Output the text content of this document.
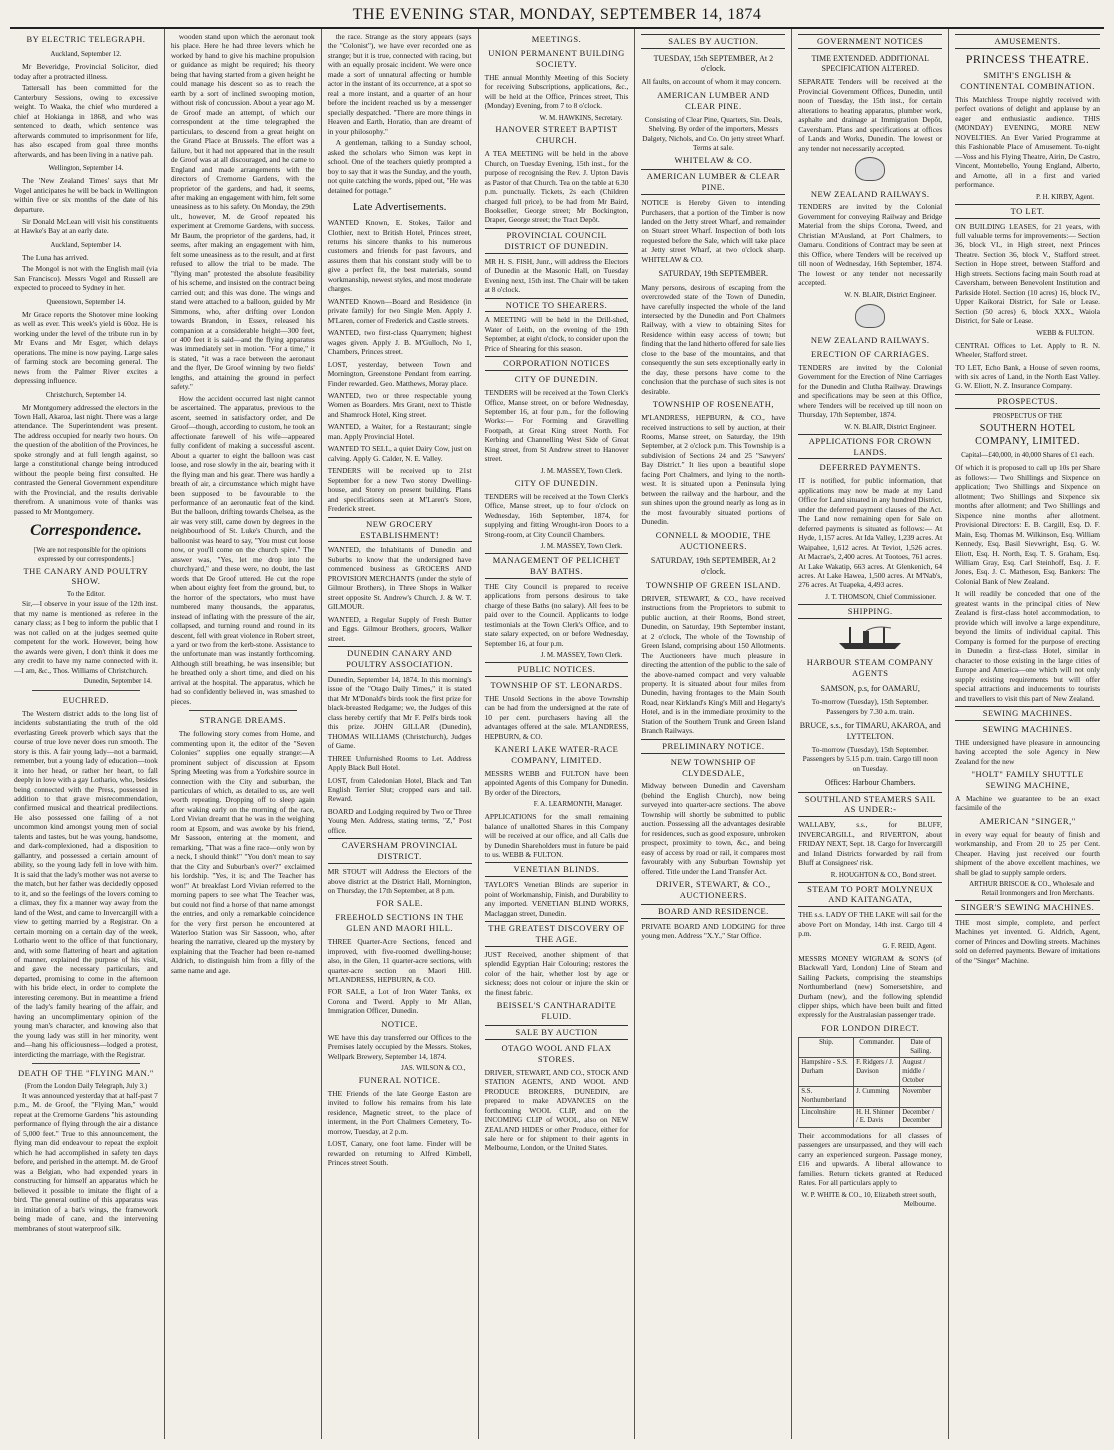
THE EVENING STAR, MONDAY, SEPTEMBER 14, 1874
BY ELECTRIC TELEGRAPH.
Auckland, September 12.

Mr Beveridge, Provincial Solicitor, died today after a protracted illness.

Tattersall has been committed for the Canterbury Sessions, owing to excessive weight. To Waaka, the chief who murdered a chief at Hokianga in 1868, and who was sentenced to death, which sentence was afterwards commuted to imprisonment for life, has also escaped from goal three months afterwards, and has been living in a native pah.

Wellington, September 14.

The 'New Zealand Times' says that Mr Vogel anticipates he will be back in Wellington within five or six months of the date of his departure.

Sir Donald McLean will visit his constituents at Hawke's Bay at an early date.

Auckland, September 14.

The Luna has arrived.

The Mongol is not with the English mail (via San Francisco). Messrs Vogel and Russell are expected to proceed to Sydney in her.

Queenstown, September 14.

Mr Grace reports the Shotover mine looking as well as ever. This week's yield is 60oz. He is working under the level of the tribute run in by Mr Evans and Mr Esger, which delays operations. The mine is now paying. Large sales of farming stock are becoming general. The news from the Palmer River excites a depressing influence.

Christchurch, September 14.

Mr Montgomery addressed the electors in the Town Hall, Akaroa, last night. There was a large attendance. The Superintendent was present. The address occupied for nearly two hours. On the question of the abolition of the Provinces, he spoke strongly and at full length against, so large a constitutional change being introduced without the people being first consulted. He contrasted the General Government expenditure with the Provincial, and the results derivable therefrom. A unanimous vote of thanks was passed to Mr Montgomery.

Correspondence.

[We are not responsible for the opinions expressed by our correspondents.]

THE CANARY AND POULTRY SHOW.
To the Editor.

Sir,—I observe in your issue of the 12th inst. that my name is mentioned as referee in the canary class; as I beg to inform the public that I was not called on at the judges seemed quite competent for the work. However, being how the awards were given, I don't think it does me any credit to have my name connected with it.—I am, &c., Thos. Williams of Christchurch.

Dunedin, September 14.
EUCHRED.

The Western district adds to the long list of incidents substantiating the truth of the old everlasting Greek proverb which says that the course of true love never does run smooth. The story is this. A fair young lady—not a barmaid, remember, but a young lady of education—took it into her head, or rather her heart, to fall deeply in love with a gay Lothario, who, besides being connected with the Press, possessed in addition to that grave misrecommendation, confirmed musical and theatrical predilections. He also possessed one failing of a not uncommon kind amongst young men of social talents and tastes, but he was young, handsome, and dark-complexioned, had a disposition to gallantry, and possessed a certain amount of ability, so the young lady fell in love with him. It is said that the lady's mother was not averse to the match, but her father was decidedly opposed to it, and so the feelings of the lovers coming to a climax, they fix a manner way away from the land of the West, and came to Invercargill with a view to getting married by a Registrar. On a certain morning on a certain day of the week, Lothario went to the office of that functionary, and, with some flattering of heart and agitation of manner, explained the purpose of his visit, and gave the necessary particulars, and departed, promising to come in the afternoon with his bride elect, in order to complete the interesting ceremony. But in meantime a friend of the lady's family hearing of the affair, and having an uncomplimentary opinion of the young man's character, and knowing also that the young lady was still in her minority, went and—hang his officiousness—lodged a protest, interdicting the marriage, with the Registrar.

DEATH OF THE "FLYING MAN."
(From the London Daily Telegraph, July 3.)

It was announced yesterday that at half-past 7 p.m., M. de Groof, the "Flying Man," would repeat at the Cremorne Gardens "his astounding performance of flying through the air a distance of 5,000 feet." True to this announcement, the flying man did endeavour to repeat the exploit which he had accomplished in safety ten days before, and perished in the attempt. M. de Groof was a Belgian, who had expended years in constructing for himself an apparatus which he believed it possible to imitate the flight of a bird. The general outline of this apparatus was in imitation of a bat's wings, the framework being made of cane, and the intervening membranes of stout waterproof silk.

wooden stand upon which the aeronaut took his place. Here he had three levers which he worked by hand to give his machine propulsion or guidance as might be required; his theory being that having started from a given height he could manage his descent so as to reach the earth by a sort of inclined swooping motion, without risk of concussion. About a year ago M. de Groof made an attempt, of which our correspondent at the time telegraphed the particulars, to descend from a great height on the Grand Place at Brussels. The effort was a failure, but it had not appeared that in the result de Groof was at all discouraged, and he came to England and made arrangements with the directors of Cremorne Gardens, with the proprietor of the gardens, and had, it seems, after making an engagement with him, felt some uneasiness as to his safety. On Monday, the 29th ult., however, M. de Groof repeated his experiment at Cremorne Gardens, with success. Mr Baum, the proprietor of the gardens, had, it seems, after making an engagement with him, felt some uneasiness as to the result, and at first refused to allow the trial to be made. The "flying man" protested the absolute feasibility of his scheme, and insisted on the contract being carried out; and this was done. The wings and stand were attached to a balloon, guided by Mr Simmons, who, after drifting over London towards Brandon, in Essex, released his companion at a considerable height—300 feet, or 400 feet it is said—and the flying apparatus was immediately set in motion. "For a time," it is stated, "it was a race between the aeronaut and the flyer, De Groof winning by two fields' lengths, and attaining the ground in perfect safety."

How the accident occurred last night cannot be ascertained. The apparatus, previous to the ascent, seemed in satisfactory order, and De Groof—though, according to custom, he took an affectionate farewell of his wife—appeared fully confident of making a successful ascent. About a quarter to eight the balloon was cast loose, and rose slowly in the air, bearing with it the flying man and his gear. There was hardly a breath of air, a circumstance which might have been supposed to be favourable to the performance of an aeronautic feat of the kind. But the balloon, drifting towards Chelsea, as the air was very still, came down by degrees in the neighbourhood of St. Luke's Church, and the balloonist was heard to say, "You must cut loose now, or you'll come on the church spire." The answer was, "Yes, let me drop into the churchyard," and these were, no doubt, the last words that De Groof uttered. He cut the rope when about eighty feet from the ground, but, to the horror of the spectators, who must have numbered many thousands, the apparatus, instead of inflating with the pressure of the air, collapsed, and turning round and round in its descent, fell with great violence in Robert street, a yard or two from the kerb-stone. Assistance to the unfortunate man was instantly forthcoming. Although still breathing, he was insensible; but he breathed only a short time, and died on his arrival at the hospital. The apparatus, which he had so confidently believed in, was smashed to pieces.

STRANGE DREAMS.

The following story comes from Home, and commenting upon it, the editor of the "Seven Colonies" supplies one equally strange:—A prominent subject of discussion at Epsom Spring Meeting was from a Yorkshire source in connection with the City and suburban, the particulars of which, as detailed to us, are well worth repeating. Dropping off to sleep again after waking early on the morning of the race, Lord Vivian dreamt that he was in the weighing room at Epsom, and was awoke by his friend, Mr Sassoon, entering at the moment, and remarking, "That was a fine race—only won by a neck, I should think!" "You don't mean to say that the City and Suburban's over?" exclaimed his lordship. "Yes, it is; and The Teacher has won!" At breakfast Lord Vivian referred to the morning papers to see what The Teacher was, but could not find a horse of that name amongst the entries, and only a remarkable coincidence for the very first person he encountered at Waterloo Station was Sir Sassoon, who, after hearing the narrative, cleared up the mystery by explaining that the Teacher had been re-named Aldrich, to distinguish him from a filly of the same name and age.

the race. Strange as the story appears (says the "Colonist"), we have ever recorded one as strange; but it is true, connected with racing, but with an equally prosaic incident. We were once made a sort of unnatural affecting or humble actor in the instant of its occurrence, at a spot so real a more instant, and a quarter of an hour before the incident reached us by a messenger specially despatched. "There are more things in Heaven and Earth, Horatio, than are dreamt of in your philosophy."

A gentleman, talking to a Sunday school, asked the scholars who Simon was kept in school. One of the teachers quietly prompted a boy to say that it was the Sunday, and the youth, not quite catching the words, piped out, "He was detained for pottage."

Late Advertisements.

WANTED Known, E. Stokes, Tailor and Clothier, next to British Hotel, Princes street, returns his sincere thanks to his numerous customers and friends for past favours, and assures them that his constant study will be to give a perfect fit, the best materials, sound workmanship, newest styles, and most moderate charges.

WANTED Known—Board and Residence (in private family) for two Single Men. Apply J. M'Laren, corner of Frederick and Castle streets.

WANTED, two first-class Quarrymen; highest wages given. Apply J. B. M'Gulloch, No 1, Chambers, Princes street.

LOST, yesterday, between Town and Mornington, Greenstone Pendant from earring. Finder rewarded. Geo. Matthews, Moray place.

WANTED, two or three respectable young Women as Boarders. Mrs Grant, next to Thistle and Shamrock Hotel, King street.

WANTED, a Waiter, for a Restaurant; single man. Apply Provincial Hotel.

WANTED TO SELL, a quiet Dairy Cow, just on calving. Apply G. Calder, N. E. Valley.

TENDERS will be received up to 21st September for a new Two storey Dwelling-house, and Storey on present building. Plans and specifications seen at M'Laren's Store, Frederick street.

NEW GROCERY ESTABLISHMENT!

WANTED, the Inhabitants of Dunedin and Suburbs to know that the undersigned have commenced business as GROCERS AND PROVISION MERCHANTS (under the style of Gilmour Brothers), in Three Shops in Walker street opposite St. Andrew's Church. J. & W. T. GILMOUR.

WANTED, a Regular Supply of Fresh Butter and Eggs. Gilmour Brothers, grocers, Walker street.

DUNEDIN CANARY AND POULTRY ASSOCIATION.

Dunedin, September 14, 1874. In this morning's issue of the "Otago Daily Times," it is stated that Mr M'Donald's birds took the first prize for black-breasted Redgame; we, the Judges of this class hereby certify that Mr F. Pell's birds took this prize. JOHN GILLAR (Dunedin), THOMAS WILLIAMS (Christchurch), Judges of Game.

THREE Unfurnished Rooms to Let. Address Apply Black Bull Hotel.

LOST, from Caledonian Hotel, Black and Tan English Terrier Slut; cropped ears and tail. Reward.

BOARD and Lodging required by Two or Three Young Men. Address, stating terms, "Z," Post office.

CAVERSHAM PROVINCIAL DISTRICT.

MR STOUT will Address the Electors of the above district at the District Hall, Mornington, on Thursday, the 17th September, at 8 p.m.

FOR SALE.
FREEHOLD SECTIONS IN THE GLEN AND MAORI HILL.

THREE Quarter-Acre Sections, fenced and improved, with five-roomed dwelling-house; also, in the Glen, 11 quarter-acre sections, with quarter-acre section on Maori Hill. M'LANDRESS, HEPBURN, & CO.

FOR SALE, a Lot of Iron Water Tanks, ex Corona and Twerd. Apply to Mr Allan, Immigration Officer, Dunedin.

NOTICE.

WE have this day transferred our Offices to the Premises lately occupied by the Messrs. Stokes, Wellpark Brewery, September 14, 1874.

JAS. WILSON & CO.,
FUNERAL NOTICE.

THE Friends of the late George Easton are invited to follow his remains from his late residence, Magnetic street, to the place of interment, in the Port Chalmers Cemetery, To-morrow, Tuesday, at 2 p.m.

LOST, Canary, one foot lame. Finder will be rewarded on returning to Alfred Kimbell, Princes street South.

MEETINGS.
UNION PERMANENT BUILDING SOCIETY.

THE annual Monthly Meeting of this Society for receiving Subscriptions, applications, &c., will be held at the Office, Princes street, This (Monday) Evening, from 7 to 8 o'clock.

W. M. HAWKINS, Secretary.
HANOVER STREET BAPTIST CHURCH.

A TEA MEETING will be held in the above Church, on Tuesday Evening, 15th inst., for the purpose of recognising the Rev. J. Upton Davis as Pastor of that Church. Tea on the table at 6.30 p.m. punctually. Tickets, 2s each (Children charged full price), to be had from Mr Baird, Bookseller, George street; Mr Bockington, Draper, George street; the Tract Depôt.

PROVINCIAL COUNCIL DISTRICT OF DUNEDIN.

MR H. S. FISH, Junr., will address the Electors of Dunedin at the Masonic Hall, on Tuesday Evening next, 15th inst. The Chair will be taken at 8 o'clock.

NOTICE TO SHEARERS.

A MEETING will be held in the Drill-shed, Water of Leith, on the evening of the 19th September, at eight o'clock, to consider upon the Price of Shearing for this season.

CORPORATION NOTICES
CITY OF DUNEDIN.

TENDERS will be received at the Town Clerk's Office, Manse street, on or before Wednesday, September 16, at four p.m., for the following Works:— For Forming and Gravelling Footpath, at Great King street North. For Kerbing and Channelling West Side of Great King street, from St Andrew street to Hanover street.

J. M. MASSEY, Town Clerk.
CITY OF DUNEDIN.

TENDERS will be received at the Town Clerk's Office, Manse street, up to four o'clock on Wednesday, 16th September, 1874, for supplying and fitting Wrought-iron Doors to a Strong-room, at City Council Chambers.

J. M. MASSEY, Town Clerk.
MANAGEMENT OF PELICHET BAY BATHS.

THE City Council is prepared to receive applications from persons desirous to take charge of these Baths (no salary). All fees to be paid over to the Council. Applicants to lodge testimonials at the Town Clerk's Office, and to state salary expected, on or before Wednesday, September 16, at four p.m.

J. M. MASSEY, Town Clerk.
PUBLIC NOTICES.
TOWNSHIP OF ST. LEONARDS.

THE Unsold Sections in the above Township can be had from the undersigned at the rate of 10 per cent. purchasers having all the advantages offered at the sale. M'LANDRESS, HEPBURN, & CO.

KANERI LAKE WATER-RACE COMPANY, LIMITED.

MESSRS WEBB and FULTON have been appointed Agents of this Company for Dunedin. By order of the Directors,

F. A. LEARMONTH, Manager.

APPLICATIONS for the small remaining balance of unallotted Shares in this Company will be received at our office, and all Calls due by Dunedin Shareholders must in future be paid to us. WEBB & FULTON.

VENETIAN BLINDS.

TAYLOR'S Venetian Blinds are superior in point of Workmanship, Finish, and Durability to any imported. VENETIAN BLIND WORKS, Maclaggan street, Dunedin.

THE GREATEST DISCOVERY OF THE AGE.

JUST Received, another shipment of that splendid Egyptian Hair Colouring; restores the color of the hair, whether lost by age or sickness; does not colour or injure the skin or the finest fabric.

BEISSEL'S CANTHARADITE FLUID.
SALE BY AUCTION
OTAGO WOOL AND FLAX STORES.

DRIVER, STEWART, AND CO., STOCK AND STATION AGENTS, AND WOOL AND PRODUCE BROKERS, DUNEDIN, are prepared to make ADVANCES on the forthcoming WOOL CLIP, and on the INCOMING CLIP of WOOL, also on NEW ZEALAND HIDES or other Produce, either for sale here or for shipment to their agents in Melbourne, London, or the United States.

SALES BY AUCTION.
TUESDAY, 15th SEPTEMBER, At 2 o'clock.

All faults, on account of whom it may concern.

AMERICAN LUMBER AND CLEAR PINE.

Consisting of Clear Pine, Quarters, Sin. Deals, Shelving. By order of the importers, Messrs Dalgety, Nichols, and Co. On jetty street Wharf. Terms at sale.

WHITELAW & CO.
AMERICAN LUMBER & CLEAR PINE.

NOTICE is Hereby Given to intending Purchasers, that a portion of the Timber is now landed on the Jetty street Wharf, and remainder on Stuart street Wharf. Inspection of both lots requested before the Sale, which will take place at Jetty street Wharf, at two o'clock sharp. WHITELAW & CO.

SATURDAY, 19th SEPTEMBER.

Many persons, desirous of escaping from the overcrowded state of the Town of Dunedin, have carefully inspected the whole of the land intersected by the Dunedin and Port Chalmers Railway, with a view to obtaining Sites for Residence within easy access of town; but finding that the land hitherto offered for sale lies close to the base of the mountains, and that consequently the sun sets exceptionally early in the day, these persons have come to the conclusion that the purchase of such sites is not desirable.

TOWNSHIP OF ROSENEATH,

M'LANDRESS, HEPBURN, & CO., have received instructions to sell by auction, at their Rooms, Manse street, on Saturday, the 19th September, at 2 o'clock p.m. This Township is a subdivision of Sections 24 and 25 "Sawyers' Bay District." It lies upon a beautiful slope facing Port Chalmers, and lying to the north-west. It is situated upon a Peninsula lying between the railway and the harbour, and the sun shines upon the ground nearly as long as in the most favourably situated portions of Dunedin.

CONNELL & MOODIE, THE AUCTIONEERS.
SATURDAY, 19th SEPTEMBER, At 2 o'clock.
TOWNSHIP OF GREEN ISLAND.

DRIVER, STEWART, & CO., have received instructions from the Proprietors to submit to public auction, at their Rooms, Bond street, Dunedin, on Saturday, 19th September instant, at 2 o'clock, The whole of the Township of Green Island, comprising about 150 Allotments. The Auctioneers have much pleasure in directing the attention of the public to the sale of the above-named compact and very valuable property. It is situated about four miles from Dunedin, having frontages to the Main South Road, near Kirkland's King's Mill and Hegarty's Hotel, and is in the immediate proximity to the Station of the Southern Trunk and Green Island Branch Railways.

PRELIMINARY NOTICE.
NEW TOWNSHIP OF CLYDESDALE,

Midway between Dunedin and Caversham (behind the English Church), now being surveyed into quarter-acre sections. The above Township will shortly be submitted to public auction. Possessing all the advantages desirable for residences, such as good exposure, unbroken prospect, proximity to town, &c., and being easy of access by road or rail, it compares most favourably with any Suburban Township yet offered. Title under the Land Transfer Act.

DRIVER, STEWART, & CO., AUCTIONEERS.
BOARD AND RESIDENCE.

PRIVATE BOARD AND LODGING for three young men. Address "X.Y.," Star Office.

GOVERNMENT NOTICES
TIME EXTENDED. ADDITIONAL SPECIFICATION ALTERED.

SEPARATE Tenders will be received at the Provincial Government Offices, Dunedin, until noon of Tuesday, the 15th inst., for certain alterations to heating apparatus, plumber work, asphalte and drainage at Immigration Depôt, Caversham. Plans and specifications at offices of Lands and Works, Dunedin. The lowest or any tender not necessarily accepted.

NEW ZEALAND RAILWAYS.

TENDERS are invited by the Colonial Government for conveying Railway and Bridge Material from the ships Corona, Tweed, and Christian M'Ausland, at Port Chalmers, to Oamaru. Conditions of Contract may be seen at this Office, where Tenders will be received up till noon of Wednesday, 16th September, 1874. The lowest or any tender not necessarily accepted.

W. N. BLAIR, District Engineer.
NEW ZEALAND RAILWAYS.
ERECTION OF CARRIAGES.

TENDERS are invited by the Colonial Government for the Erection of Nine Carriages for the Dunedin and Clutha Railway. Drawings and specifications may be seen at this Office, where Tenders will be received up till noon on Thursday, 17th September, 1874.

W. N. BLAIR, District Engineer.
APPLICATIONS FOR CROWN LANDS.
DEFERRED PAYMENTS.

IT is notified, for public information, that applications may now be made at my Land Office for Land situated in any hundred District, under the deferred payment clauses of the Act. The Land now remaining open for Sale on deferred payments is situated as follows:— At Hyde, 1,157 acres. At Ida Valley, 1,239 acres. At Waipahee, 1,612 acres. At Teviot, 1,526 acres. At Macrae's, 2,400 acres. At Tootoes, 761 acres. At Lake Wakatip, 663 acres. At Glenkenich, 64 acres. At Lake Hawea, 1,500 acres. At M'Nab's, 276 acres. At Tuapeka, 4,493 acres.

J. T. THOMSON, Chief Commissioner.
SHIPPING.
HARBOUR STEAM COMPANY AGENTS
SAMSON, p.s, for OAMARU,

To-morrow (Tuesday), 15th September. Passengers by 7.30 a.m. train.

BRUCE, s.s., for TIMARU, AKAROA, and LYTTELTON.

To-morrow (Tuesday), 15th September. Passengers by 5.15 p.m. train. Cargo till noon on Tuesday.

Offices: Harbour Chambers.
SOUTHLAND STEAMERS SAIL AS UNDER:-

WALLABY, s.s., for BLUFF, INVERCARGILL, and RIVERTON, about FRIDAY NEXT, Sept. 18. Cargo for Invercargill and Inland Districts forwarded by rail from Bluff at Consignees' risk.

R. HOUGHTON & CO., Bond street.
STEAM TO PORT MOLYNEUX AND KAITANGATA,

THE s.s. LADY OF THE LAKE will sail for the above Port on Monday, 14th inst. Cargo till 4 p.m.

G. F. REID, Agent.

MESSRS MONEY WIGRAM & SON'S (of Blackwall Yard, London) Line of Steam and Sailing Packets, comprising the steamships Northumberland (new) Somersetshire, and Durham (new), and the following splendid clipper ships, which have been built and fitted expressly for the Australasian passenger trade.

FOR LONDON DIRECT.
Ship.	Commander.	Date of Sailing.
Hampshire - S.S. Durham	F. Ridgers / J. Davison	August / middle / October
S.S. Northumberland	J. Cumming	November
Lincolnshire	H. H. Shinner / E. Davis	December / December

Their accommodations for all classes of passengers are unsurpassed, and they will each carry an experienced surgeon. Passage money, £16 and upwards. A liberal allowance to families. Return tickets granted at Reduced Rates. For all particulars apply to

W. P. WHITE & CO., 10, Elizabeth street south, Melbourne.
AMUSEMENTS.
PRINCESS THEATRE.
SMITH'S ENGLISH & CONTINENTAL COMBINATION.

This Matchless Troupe nightly received with perfect ovations of delight and applause by an eager and enthusiastic audience. THIS (MONDAY) EVENING, MORE NEW NOVELTIES. An Ever Varied Programme at this Fashionable Place of Amusement. To-night—Voss and his Flying Theatre, Airin, De Castro, Vincent, Montebello, Young England, Alberto, and Arnotte, all in a first and varied performance.

P. H. KIRBY, Agent.
TO LET.

ON BUILDING LEASES, for 21 years, with full valuable terms for improvements:— Section 36, block VI., in High street, next Princes Theatre. Section 36, block V., Stafford street. Section in Hope street, between Stafford and High streets. Sections facing main South road at Caversham, between Benevolent Institution and Parkside Hotel. Section (10 acres) 16, block IV., Upper Kaikorai District, for Sale or Lease. Section (50 acres) 6, block XXX., Waiola District, for Sale or Lease.

WEBB & FULTON.

CENTRAL Offices to Let. Apply to R. N. Wheeler, Stafford street.

TO LET, Echo Bank, a House of seven rooms, with six acres of Land, in the North East Valley. G. W. Eliott, N. Z. Insurance Company.

PROSPECTUS.
PROSPECTUS OF THE
SOUTHERN HOTEL COMPANY, LIMITED.
Capital—£40,000, in 40,000 Shares of £1 each.

Of which it is proposed to call up 10s per Share as follows:— Two Shillings and Sixpence on application; Two Shillings and Sixpence on allotment; Two Shillings and Sixpence six months after allotment; and Two Shillings and Sixpence nine months after allotment. Provisional Directors: E. B. Cargill, Esq. D. F. Main, Esq. Thomas M. Wilkinson, Esq. William Kennedy, Esq. Basil Sievwright, Esq. G. W. Eliott, Esq. H. North, Esq. T. S. Graham, Esq. William Gray, Esq. Carl Steinhoff, Esq. J. F. Jones, Esq. J. C. Matheson, Esq. Bankers: The Colonial Bank of New Zealand.

It will readily be conceded that one of the greatest wants in the principal cities of New Zealand is first-class hotel accommodation, to provide which will involve a large expenditure, beyond the limits of individual capital. This Company is formed for the purpose of erecting in Dunedin a first-class Hotel, similar in character to those existing in the large cities of Europe and America—one which will not only supply existing requirements but will offer special attractions and inducements to tourists and travellers to visit this part of New Zealand.

SEWING MACHINES.
SEWING MACHINES.

THE undersigned have pleasure in announcing having accepted the sole Agency in New Zealand for the new

"HOLT" FAMILY SHUTTLE SEWING MACHINE,

A Machine we guarantee to be an exact facsimile of the

AMERICAN "SINGER,"

in every way equal for beauty of finish and workmanship, and From 20 to 25 per Cent. Cheaper. Having just received our fourth shipment of the above excellent machines, we shall be glad to supply sample orders.

ARTHUR BRISCOE & CO., Wholesale and Retail Ironmongers and Iron Merchants.
SINGER'S SEWING MACHINES.

THE most simple, complete, and perfect Machines yet invented. G. Aldrich, Agent, corner of Princes and Dowling streets. Machines sold on deferred payments. Beware of imitations of the "Singer" Machine.
